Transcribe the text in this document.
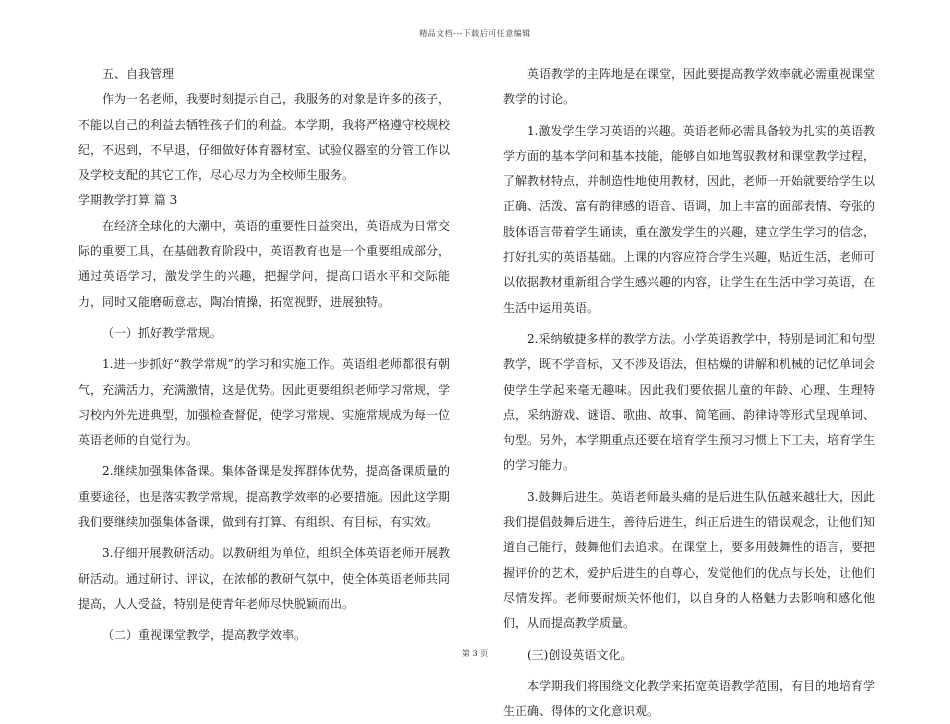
精品文档---下载后可任意编辑

五、自我管理

作为一名老师，我要时刻提示自己，我服务的对象是许多的孩子，不能以自己的利益去牺牲孩子们的利益。本学期，我将严格遵守校规校纪，不迟到，不早退，仔细做好体育器材室、试验仪器室的分管工作以及学校支配的其它工作，尽心尽力为全校师生服务。

学期教学打算 篇 3

在经济全球化的大潮中，英语的重要性日益突出，英语成为日常交际的重要工具，在基础教育阶段中，英语教育也是一个重要组成部分，通过英语学习，激发学生的兴趣，把握学问，提高口语水平和交际能力，同时又能磨砺意志，陶冶情操，拓宽视野，进展独特。

（一）抓好教学常规。

1.进一步抓好“教学常规”的学习和实施工作。英语组老师都很有朝气，充满活力，充满激情，这是优势。因此更要组织老师学习常规，学习校内外先进典型，加强检查督促，使学习常规、实施常规成为每一位英语老师的自觉行为。

2.继续加强集体备课。集体备课是发挥群体优势，提高备课质量的重要途径，也是落实教学常规，提高教学效率的必要措施。因此这学期我们要继续加强集体备课，做到有打算、有组织、有目标，有实效。

3.仔细开展教研活动。以教研组为单位，组织全体英语老师开展教研活动。通过研讨、评议，在浓郁的教研气氛中，使全体英语老师共同提高，人人受益，特别是使青年老师尽快脱颖而出。

（二）重视课堂教学，提高教学效率。

英语教学的主阵地是在课堂，因此要提高教学效率就必需重视课堂教学的讨论。

1.激发学生学习英语的兴趣。英语老师必需具备较为扎实的英语教学方面的基本学问和基本技能，能够自如地驾驭教材和课堂教学过程，了解教材特点，并制造性地使用教材，因此，老师一开始就要给学生以正确、活泼、富有韵律感的语音、语调，加上丰富的面部表情、夸张的肢体语言带着学生诵读，重在激发学生的兴趣，建立学生学习的信念，打好扎实的英语基础。上课的内容应符合学生兴趣，贴近生活，老师可以依据教材重新组合学生感兴趣的内容，让学生在生活中学习英语，在生活中运用英语。

2.采纳敏捷多样的教学方法。小学英语教学中，特别是词汇和句型教学，既不学音标，又不涉及语法，但枯燥的讲解和机械的记忆单词会使学生学起来毫无趣味。因此我们要依据儿童的年龄、心理、生理特点，采纳游戏、谜语、歌曲、故事、简笔画、韵律诗等形式呈现单词、句型。另外，本学期重点还要在培育学生预习习惯上下工夫，培育学生的学习能力。

3.鼓舞后进生。英语老师最头痛的是后进生队伍越来越壮大，因此我们提倡鼓舞后进生，善待后进生，纠正后进生的错误观念，让他们知道自己能行，鼓舞他们去追求。在课堂上，要多用鼓舞性的语言，要把握评价的艺术，爱护后进生的自尊心，发觉他们的优点与长处，让他们尽情发挥。老师要耐烦关怀他们，以自身的人格魅力去影响和感化他们，从而提高教学质量。

(三)创设英语文化。

本学期我们将围绕文化教学来拓宽英语教学范围，有目的地培育学生正确、得体的文化意识观。

第 3 页
